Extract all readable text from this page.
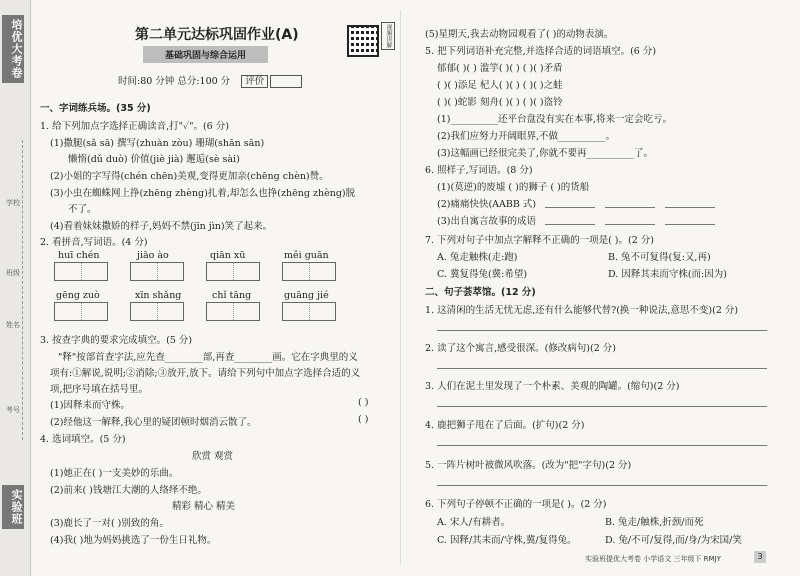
培优大考卷
学校
班级
姓名
考号
实验班
第二单元达标巩固作业(A)	视频讲解
基础巩固与综合运用
时间:80 分钟 总分:100 分 评价
一、字词练兵场。(35 分)
1. 给下列加点字选择正确读音,打"✓"。(6 分)
(1)撒腿(sǎ sā) 撰写(zhuàn zòu) 珊瑚(shān sān)
懒惰(dǔ duò) 价值(jiè jià) 邂逅(sè sài)
(2)小姐的字写得(chén chēn)美观,变得更加亲(chēng chèn)赞。
(3)小虫在蜘蛛网上挣(zhēng zhèng)扎着,却怎么也挣(zhēng zhèng)脱
不了。
(4)看着妹妹撒娇的样子,妈妈不禁(jīn jìn)笑了起来。
2. 看拼音,写词语。(4 分)
huī chén	jiāo ào	qiān xū	měi guān
gēng zuò	xīn shǎng	chǐ tāng	guāng jié
3. 按查字典的要求完成填空。(5 分)
"释"按部首查字法,应先查________部,再查________画。它在字典里的义
项有:①解说,说明;②消除;③放开,放下。请给下列句中加点字选择合适的义
项,把序号填在括号里。
(1)因释耒而守株。	( )
(2)经他这一解释,我心里的疑团顿时烟消云散了。	( )
4. 选词填空。(5 分)
欣赏 观赏
(1)她正在( )一支美妙的乐曲。
(2)前来( )钱塘江大潮的人络绎不绝。
精彩 精心 精美
(3)鹿长了一对( )别致的角。
(4)我( )地为妈妈挑选了一份生日礼物。
(5)星期天,我去动物园观看了( )的动物表演。
5. 把下列词语补充完整,并选择合适的词语填空。(6 分)
郁郁( )( ) 滥竽( )( ) ( )( )矛盾
( )( )添足 杞人( )( ) ( )( )之蛙
( )( )蛇影 刻舟( )( ) ( )( )盗铃
(1)__________还平台盘没有实在本事,将来一定会吃亏。
(2)我们应努力开阔眼界,不做__________。
(3)这幅画已经很完美了,你就不要再__________了。
6. 照样子,写词语。(8 分)
(1)(莫逆)的废墟 ( )的狮子 ( )的货船
(2)痛痛快快(AABB 式)
(3)出自寓言故事的成语
7. 下列对句子中加点字解释不正确的一项是( )。(2 分)
A. 兔走触株(走:跑)	B. 兔不可复得(复:又,再)
C. 冀复得兔(冀:希望)	D. 因释其耒而守株(而:因为)
二、句子荟萃馆。(12 分)
1. 这清闲的生活无忧无虑,还有什么能够代替?(换一种说法,意思不变)(2 分)
2. 读了这个寓言,感受很深。(修改病句)(2 分)
3. 人们在泥土里发现了一个朴素、美观的陶罐。(缩句)(2 分)
4. 鹿把狮子甩在了后面。(扩句)(2 分)
5. 一阵片树叶被微风吹落。(改为"把"字句)(2 分)
6. 下列句子停顿不正确的一项是( )。(2 分)
A. 宋人/有耕者。	B. 兔走/触株,折颈/而死
C. 因释/其耒而/守株,冀/复得兔。	D. 兔/不可/复得,而/身/为宋国/笑
实验班提优大考卷 小学语文 三年级下 RMJY	3
